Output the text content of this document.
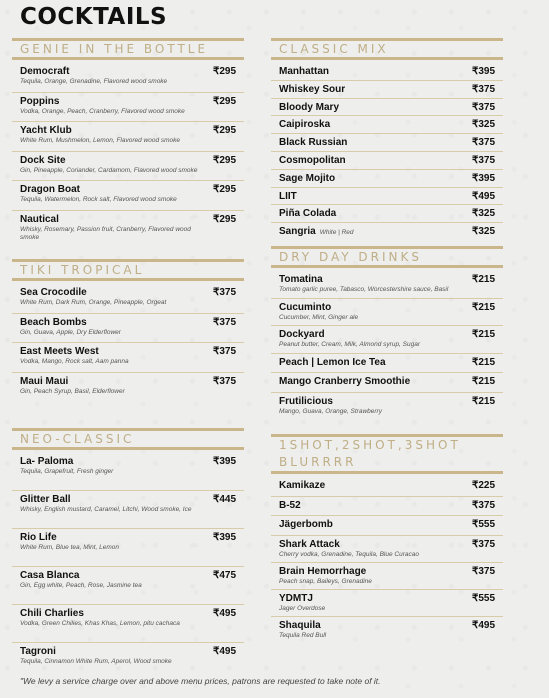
COCKTAILS
GENIE IN THE BOTTLE
Democraft	₹295
Tequila, Orange, Grenadine, Flavored wood smoke
Poppins	₹295
Vodka, Orange, Peach, Cranberry, Flavored wood smoke
Yacht Klub	₹295
White Rum, Mushmelon, Lemon, Flavored wood smoke
Dock Site	₹295
Gin, Pineapple, Coriander, Cardamom, Flavored wood smoke
Dragon Boat	₹295
Tequila, Watermelon, Rock salt, Flavored wood smoke
Nautical	₹295
Whisky, Rosemary, Passion fruit, Cranberry, Flavored wood smoke
TIKI TROPICAL
Sea Crocodile	₹375
White Rum, Dark Rum, Orange, Pineapple, Orgeat
Beach Bombs	₹375
Gin, Guava, Apple, Dry Elderflower
East Meets West	₹375
Vodka, Mango, Rock salt, Aam panna
Maui Maui	₹375
Gin, Peach Syrup, Basil, Elderflower
NEO-CLASSIC
La- Paloma	₹395
Tequila, Grapefruit, Fresh ginger
Glitter Ball	₹445
Whisky, English mustard, Caramel, Litchi, Wood smoke, Ice
Rio Life	₹395
White Rum, Blue tea, Mint, Lemon
Casa Blanca	₹475
Gin, Egg white, Peach, Rose, Jasmine tea
Chili Charlies	₹495
Vodka, Green Chilies, Khas Khas, Lemon, pitu cachaca
Tagroni	₹495
Tequila, Cinnamon White Rum, Aperol, Wood smoke
CLASSIC MIX
Manhattan	₹395
Whiskey Sour	₹375
Bloody Mary	₹375
Caipiroska	₹325
Black Russian	₹375
Cosmopolitan	₹375
Sage Mojito	₹395
LIIT	₹495
Piña Colada	₹325
Sangria White | Red	₹325
DRY DAY DRINKS
Tomatina	₹215
Tomato garlic puree, Tabasco, Worcestershire sauce, Basil
Cucuminto	₹215
Cucumber, Mint, Ginger ale
Dockyard	₹215
Peanut butter, Cream, Milk, Almond syrup, Sugar
Peach | Lemon Ice Tea	₹215
Mango Cranberry Smoothie	₹215
Frutilicious	₹215
Mango, Guava, Orange, Strawberry
1SHOT,2SHOT,3SHOT BLURRRR
Kamikaze	₹225
B-52	₹375
Jägerbomb	₹555
Shark Attack	₹375
Cherry vodka, Grenadine, Tequila, Blue Curacao
Brain Hemorrhage	₹375
Peach snap, Baileys, Grenadine
YDMTJ	₹555
Jager Overdose
Shaquila	₹495
Tequila Red Bull
"We levy a service charge over and above menu prices, patrons are requested to take note of it.
